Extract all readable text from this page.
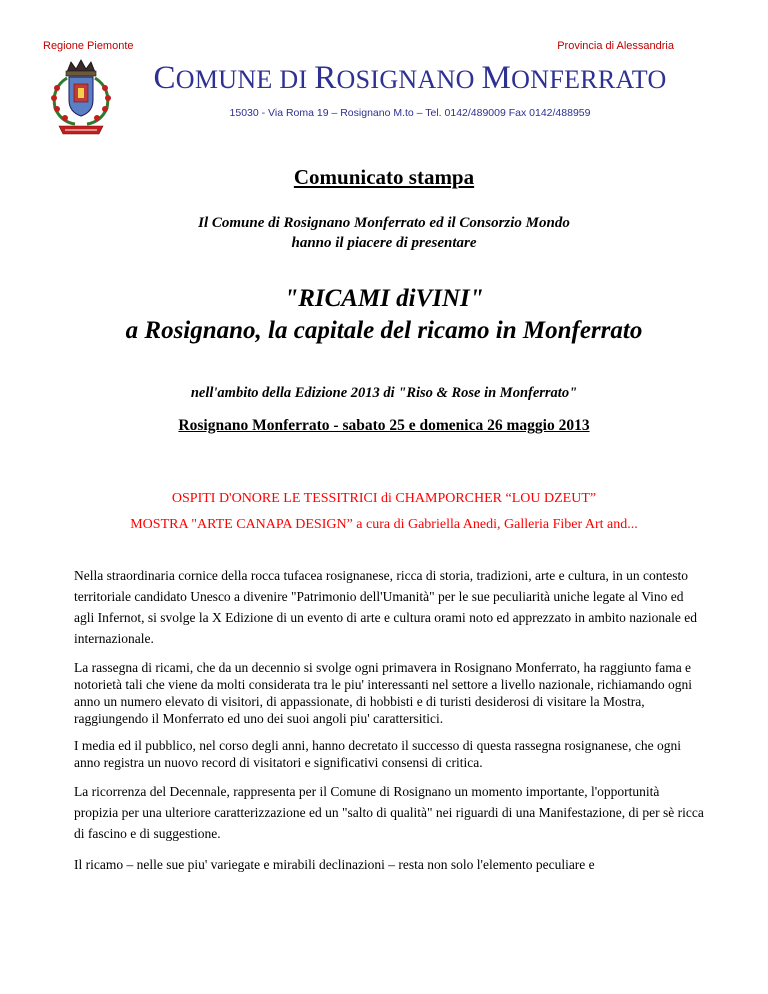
Regione Piemonte	Provincia di Alessandria
COMUNE DI ROSIGNANO MONFERRATO
15030 - Via Roma 19 – Rosignano M.to – Tel. 0142/489009 Fax 0142/488959
Comunicato stampa
Il Comune di Rosignano Monferrato ed il Consorzio Mondo
hanno il piacere di presentare
"RICAMI diVINI"
a Rosignano, la capitale del ricamo in Monferrato
nell'ambito della Edizione 2013 di "Riso & Rose in Monferrato"
Rosignano Monferrato - sabato 25 e domenica 26 maggio 2013
OSPITI D'ONORE LE TESSITRICI di CHAMPORCHER “LOU DZEUT”
MOSTRA "ARTE CANAPA DESIGN” a cura di Gabriella Anedi, Galleria Fiber Art and...

Nella straordinaria cornice della rocca tufacea rosignanese, ricca di storia, tradizioni, arte e cultura, in un contesto territoriale candidato Unesco a divenire "Patrimonio dell'Umanità" per le sue peculiarità uniche legate al Vino ed agli Infernot, si svolge la X Edizione di un evento di arte e cultura orami noto ed apprezzato in ambito nazionale ed internazionale.

La rassegna di ricami, che da un decennio si svolge ogni primavera in Rosignano Monferrato, ha raggiunto fama e notorietà tali che viene da molti considerata tra le piu' interessanti nel settore a livello nazionale, richiamando ogni anno un numero elevato di visitori, di appassionate, di hobbisti e di turisti desiderosi di visitare la Mostra, raggiungendo il Monferrato ed uno dei suoi angoli piu' carattersitici.

I media ed il pubblico, nel corso degli anni, hanno decretato il successo di questa rassegna rosignanese, che ogni anno registra un nuovo record di visitatori e significativi consensi di critica.

La ricorrenza del Decennale, rappresenta per il Comune di Rosignano un momento importante, l'opportunità propizia per una ulteriore caratterizzazione ed un "salto di qualità" nei riguardi di una Manifestazione, di per sè ricca di fascino e di suggestione.

Il ricamo – nelle sue piu' variegate e mirabili declinazioni – resta non solo l'elemento peculiare e
